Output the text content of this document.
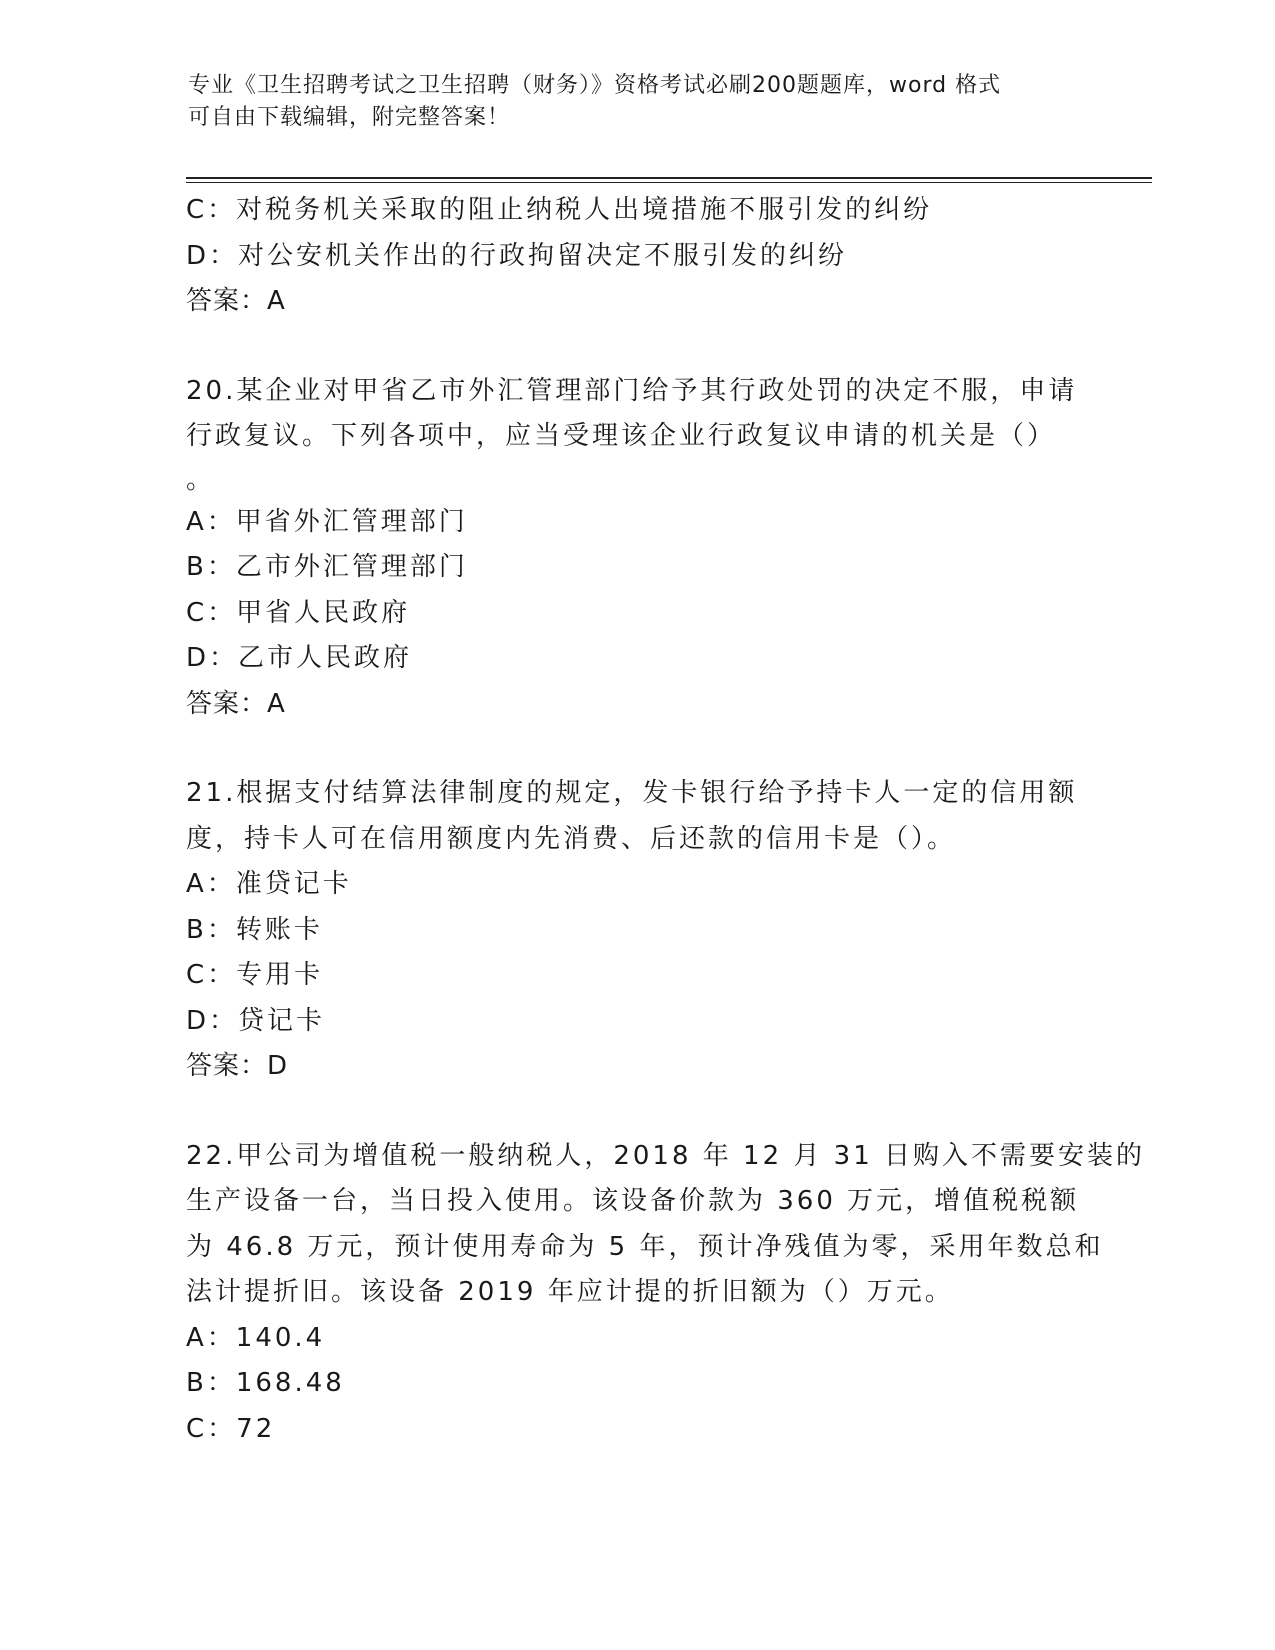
专业《卫生招聘考试之卫生招聘（财务）》资格考试必刷200题题库，word 格式
可自由下载编辑，附完整答案！
C：对税务机关采取的阻止纳税人出境措施不服引发的纠纷
D：对公安机关作出的行政拘留决定不服引发的纠纷
答案：A
20.某企业对甲省乙市外汇管理部门给予其行政处罚的决定不服，申请
行政复议。下列各项中，应当受理该企业行政复议申请的机关是（）
。
A：甲省外汇管理部门
B：乙市外汇管理部门
C：甲省人民政府
D：乙市人民政府
答案：A
21.根据支付结算法律制度的规定，发卡银行给予持卡人一定的信用额
度，持卡人可在信用额度内先消费、后还款的信用卡是（）。
A：准贷记卡
B：转账卡
C：专用卡
D：贷记卡
答案：D
22.甲公司为增值税一般纳税人，2018 年 12 月 31 日购入不需要安装的
生产设备一台，当日投入使用。该设备价款为 360 万元，增值税税额
为 46.8 万元，预计使用寿命为 5 年，预计净残值为零，采用年数总和
法计提折旧。该设备 2019 年应计提的折旧额为（）万元。
A：140.4
B：168.48
C：72
